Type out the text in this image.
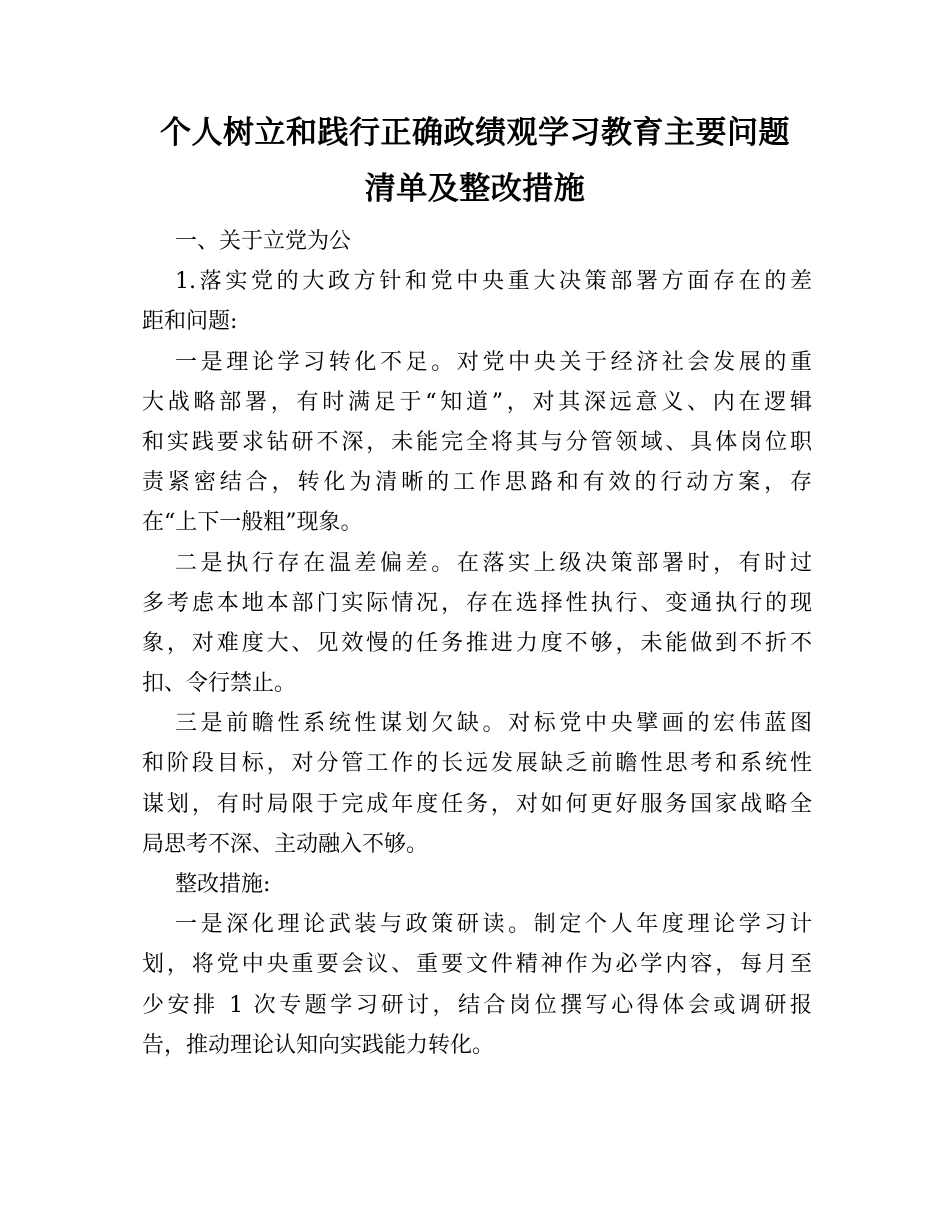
个人树立和践行正确政绩观学习教育主要问题
清单及整改措施
一、关于立党为公
1.落实党的大政方针和党中央重大决策部署方面存在的差
距和问题:
一是理论学习转化不足。对党中央关于经济社会发展的重
大战略部署，有时满足于“知道”，对其深远意义、内在逻辑
和实践要求钻研不深，未能完全将其与分管领域、具体岗位职
责紧密结合，转化为清晰的工作思路和有效的行动方案，存
在“上下一般粗”现象。
二是执行存在温差偏差。在落实上级决策部署时，有时过
多考虑本地本部门实际情况，存在选择性执行、变通执行的现
象，对难度大、见效慢的任务推进力度不够，未能做到不折不
扣、令行禁止。
三是前瞻性系统性谋划欠缺。对标党中央擘画的宏伟蓝图
和阶段目标，对分管工作的长远发展缺乏前瞻性思考和系统性
谋划，有时局限于完成年度任务，对如何更好服务国家战略全
局思考不深、主动融入不够。
整改措施:
一是深化理论武装与政策研读。制定个人年度理论学习计
划，将党中央重要会议、重要文件精神作为必学内容，每月至
少安排 1 次专题学习研讨，结合岗位撰写心得体会或调研报
告，推动理论认知向实践能力转化。
